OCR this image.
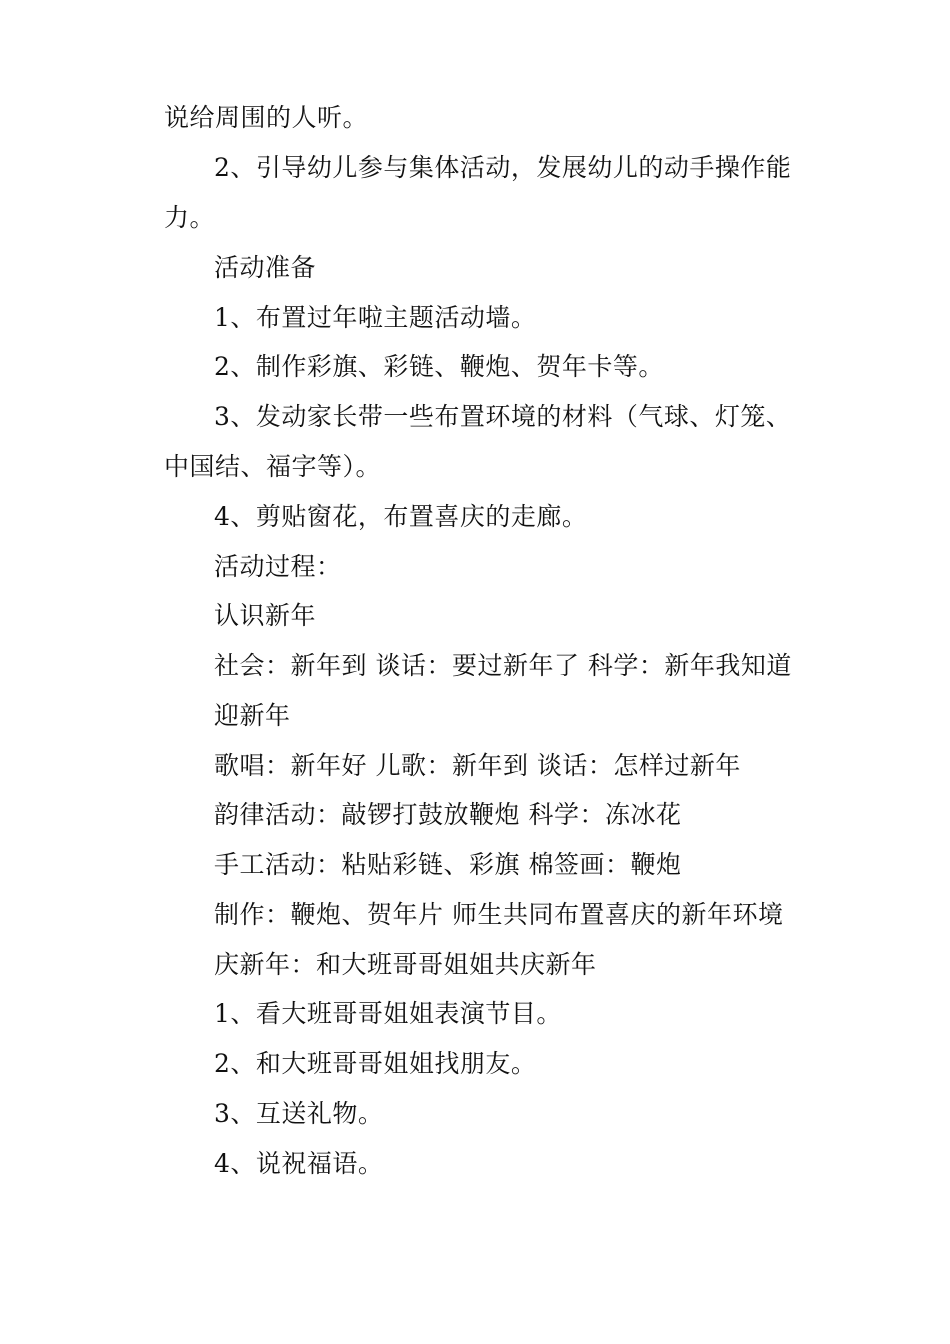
说给周围的人听。
2、引导幼儿参与集体活动，发展幼儿的动手操作能
力。
活动准备
1、布置过年啦主题活动墙。
2、制作彩旗、彩链、鞭炮、贺年卡等。
3、发动家长带一些布置环境的材料（气球、灯笼、
中国结、福字等）。
4、剪贴窗花，布置喜庆的走廊。
活动过程：
认识新年
社会：新年到 谈话：要过新年了 科学：新年我知道
迎新年
歌唱：新年好 儿歌：新年到 谈话：怎样过新年
韵律活动：敲锣打鼓放鞭炮 科学：冻冰花
手工活动：粘贴彩链、彩旗 棉签画：鞭炮
制作：鞭炮、贺年片 师生共同布置喜庆的新年环境
庆新年：和大班哥哥姐姐共庆新年
1、看大班哥哥姐姐表演节目。
2、和大班哥哥姐姐找朋友。
3、互送礼物。
4、说祝福语。
